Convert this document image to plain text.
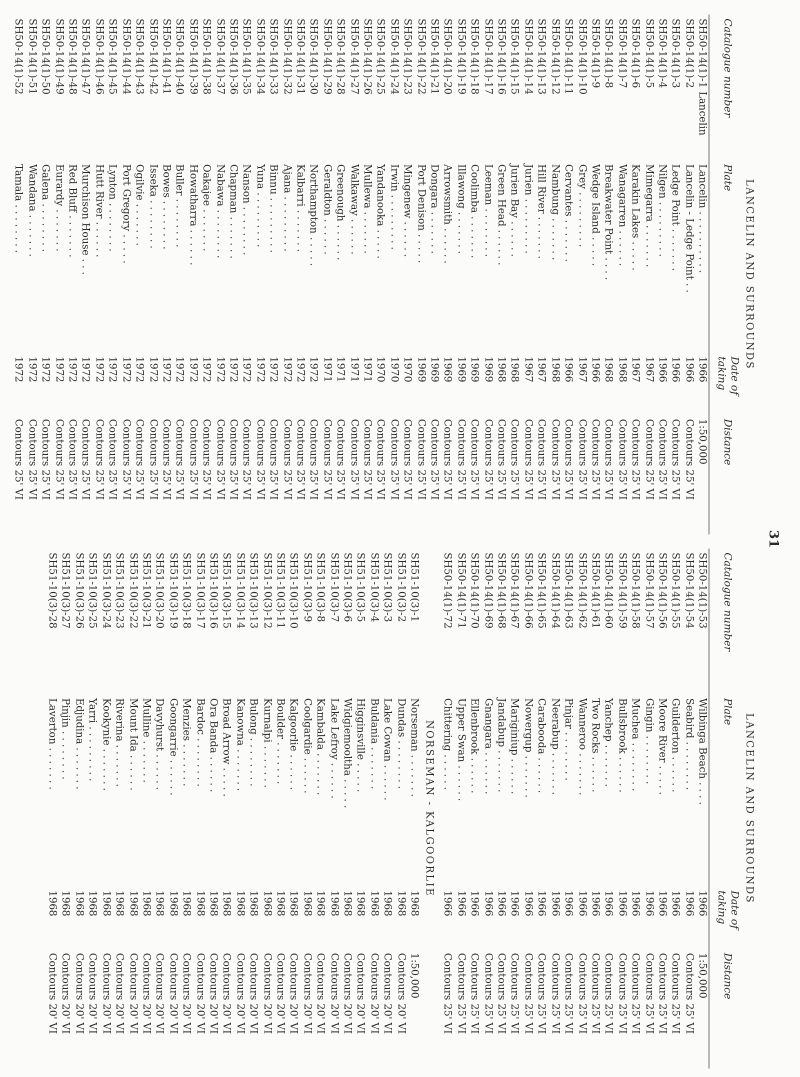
31
LANCELIN AND SURROUNDS
Catalogue number	Plate	Date of taking	Distance
SH50-14(1)-1 Lancelin	Lancelin . . . . . . . . . .	1966	1:50,000
SH50-14(1)-2	Lancelin - Ledge Point . .	1966	Contours 25' VI
SH50-14(1)-3	Ledge Point . . . . . . .	1966	Contours 25' VI
SH50-14(1)-4	Nilgen . . . . . . . . .	1966	Contours 25' VI
SH50-14(1)-5	Mimegarra . . . . . . .	1967	Contours 25' VI
SH50-14(1)-6	Karakin Lakes . . . . .	1967	Contours 25' VI
SH50-14(1)-7	Wanagarren . . . . . .	1968	Contours 25' VI
SH50-14(1)-8	Breakwater Point . . . .	1968	Contours 25' VI
SH50-14(1)-9	Wedge Island . . . . .	1966	Contours 25' VI
SH50-14(1)-10	Grey . . . . . . . . .	1967	Contours 25' VI
SH50-14(1)-11	Cervantes . . . . . . .	1966	Contours 25' VI
SH50-14(1)-12	Nambung . . . . . . .	1968	Contours 25' VI
SH50-14(1)-13	Hill River . . . . . . .	1967	Contours 25' VI
SH50-14(1)-14	Jurien . . . . . . . . .	1967	Contours 25' VI
SH50-14(1)-15	Jurien Bay . . . . . .	1968	Contours 25' VI
SH50-14(1)-16	Green Head . . . . . .	1968	Contours 25' VI
SH50-14(1)-17	Leeman . . . . . . . .	1969	Contours 25' VI
SH50-14(1)-18	Coolimba . . . . . . .	1969	Contours 25' VI
SH50-14(1)-19	Illawong . . . . . . .	1969	Contours 25' VI
SH50-14(1)-20	Arrowsmith . . . . . .	1969	Contours 25' VI
SH50-14(1)-21	Dongara . . . . . . .	1969	Contours 25' VI
SH50-14(1)-22	Port Denison . . . . .	1969	Contours 25' VI
SH50-14(1)-23	Mingenew . . . . . .	1970	Contours 25' VI
SH50-14(1)-24	Irwin . . . . . . . . .	1970	Contours 25' VI
SH50-14(1)-25	Yandanooka . . . . .	1970	Contours 25' VI
SH50-14(1)-26	Mullewa . . . . . . .	1971	Contours 25' VI
SH50-14(1)-27	Walkaway . . . . . .	1971	Contours 25' VI
SH50-14(1)-28	Greenough . . . . . .	1971	Contours 25' VI
SH50-14(1)-29	Geraldton . . . . . .	1971	Contours 25' VI
SH50-14(1)-30	Northampton . . . . .	1972	Contours 25' VI
SH50-14(1)-31	Kalbarri . . . . . . .	1972	Contours 25' VI
SH50-14(1)-32	Ajana . . . . . . . . .	1972	Contours 25' VI
SH50-14(1)-33	Binnu . . . . . . . . .	1972	Contours 25' VI
SH50-14(1)-34	Yuna . . . . . . . . .	1972	Contours 25' VI
SH50-14(1)-35	Nanson . . . . . . . .	1972	Contours 25' VI
SH50-14(1)-36	Chapman . . . . . . .	1972	Contours 25' VI
SH50-14(1)-37	Nabawa . . . . . . . .	1972	Contours 25' VI
SH50-14(1)-38	Oakajee . . . . . . .	1972	Contours 25' VI
SH50-14(1)-39	Howatharra . . . . . .	1972	Contours 25' VI
SH50-14(1)-40	Buller . . . . . . . .	1972	Contours 25' VI
SH50-14(1)-41	Bowes . . . . . . . .	1972	Contours 25' VI
SH50-14(1)-42	Isseka . . . . . . . .	1972	Contours 25' VI
SH50-14(1)-43	Ogilvie . . . . . . .	1972	Contours 25' VI
SH50-14(1)-44	Port Gregory . . . . .	1972	Contours 25' VI
SH50-14(1)-45	Lynton . . . . . . . .	1972	Contours 25' VI
SH50-14(1)-46	Hutt River . . . . . .	1972	Contours 25' VI
SH50-14(1)-47	Murchison House . . .	1972	Contours 25' VI
SH50-14(1)-48	Red Bluff . . . . . . .	1972	Contours 25' VI
SH50-14(1)-49	Eurardy . . . . . . .	1972	Contours 25' VI
SH50-14(1)-50	Galena . . . . . . . .	1972	Contours 25' VI
SH50-14(1)-51	Wandana . . . . . . .	1972	Contours 25' VI
SH50-14(1)-52	Tamala . . . . . . . .	1972	Contours 25' VI
LANCELIN AND SURROUNDS
Catalogue number	Plate	Date of taking	Distance
SH50-14(1)-53	Wilbinga Beach . . . .	1966	1:50,000
SH50-14(1)-54	Seabird . . . . . . . .	1966	Contours 25' VI
SH50-14(1)-55	Guilderton . . . . . .	1966	Contours 25' VI
SH50-14(1)-56	Moore River . . . . .	1966	Contours 25' VI
SH50-14(1)-57	Gingin . . . . . . . .	1966	Contours 25' VI
SH50-14(1)-58	Muchea . . . . . . . .	1966	Contours 25' VI
SH50-14(1)-59	Bullsbrook . . . . . .	1966	Contours 25' VI
SH50-14(1)-60	Yanchep . . . . . . .	1966	Contours 25' VI
SH50-14(1)-61	Two Rocks . . . . . .	1966	Contours 25' VI
SH50-14(1)-62	Wanneroo . . . . . . .	1966	Contours 25' VI
SH50-14(1)-63	Pinjar . . . . . . . .	1966	Contours 25' VI
SH50-14(1)-64	Neerabup . . . . . . .	1966	Contours 25' VI
SH50-14(1)-65	Carabooda . . . . . .	1966	Contours 25' VI
SH50-14(1)-66	Nowergup . . . . . . .	1966	Contours 25' VI
SH50-14(1)-67	Mariginiup . . . . . .	1966	Contours 25' VI
SH50-14(1)-68	Jandabup . . . . . . .	1966	Contours 25' VI
SH50-14(1)-69	Gnangara . . . . . . .	1966	Contours 25' VI
SH50-14(1)-70	Ellenbrook . . . . . .	1966	Contours 25' VI
SH50-14(1)-71	Upper Swan . . . . . .	1966	Contours 25' VI
SH50-14(1)-72	Chittering . . . . . .	1966	Contours 25' VI
NORSEMAN - KALGOORLIE
SH51-10(3)-1	Norseman . . . . . . .	1968	1:50,000
SH51-10(3)-2	Dundas . . . . . . . .	1968	Contours 20' VI
SH51-10(3)-3	Lake Cowan . . . . . .	1968	Contours 20' VI
SH51-10(3)-4	Buldania . . . . . . .	1968	Contours 20' VI
SH51-10(3)-5	Higginsville . . . . .	1968	Contours 20' VI
SH51-10(3)-6	Widgiemooltha . . . . .	1968	Contours 20' VI
SH51-10(3)-7	Lake Lefroy . . . . . .	1968	Contours 20' VI
SH51-10(3)-8	Kambalda . . . . . . .	1968	Contours 20' VI
SH51-10(3)-9	Coolgardie . . . . . .	1968	Contours 20' VI
SH51-10(3)-10	Kalgoorlie . . . . . .	1968	Contours 20' VI
SH51-10(3)-11	Boulder . . . . . . .	1968	Contours 20' VI
SH51-10(3)-12	Kurnalpi . . . . . . .	1968	Contours 20' VI
SH51-10(3)-13	Bulong . . . . . . . .	1968	Contours 20' VI
SH51-10(3)-14	Kanowna . . . . . . .	1968	Contours 20' VI
SH51-10(3)-15	Broad Arrow . . . . .	1968	Contours 20' VI
SH51-10(3)-16	Ora Banda . . . . . .	1968	Contours 20' VI
SH51-10(3)-17	Bardoc . . . . . . . .	1968	Contours 20' VI
SH51-10(3)-18	Menzies . . . . . . .	1968	Contours 20' VI
SH51-10(3)-19	Goongarrie . . . . . .	1968	Contours 20' VI
SH51-10(3)-20	Davyhurst . . . . . .	1968	Contours 20' VI
SH51-10(3)-21	Mulline . . . . . . .	1968	Contours 20' VI
SH51-10(3)-22	Mount Ida . . . . . .	1968	Contours 20' VI
SH51-10(3)-23	Riverina . . . . . . .	1968	Contours 20' VI
SH51-10(3)-24	Kookynie . . . . . . .	1968	Contours 20' VI
SH51-10(3)-25	Yarri . . . . . . . . .	1968	Contours 20' VI
SH51-10(3)-26	Edjudina . . . . . . .	1968	Contours 20' VI
SH51-10(3)-27	Pinjin . . . . . . . .	1968	Contours 20' VI
SH51-10(3)-28	Laverton . . . . . . .	1968	Contours 20' VI
